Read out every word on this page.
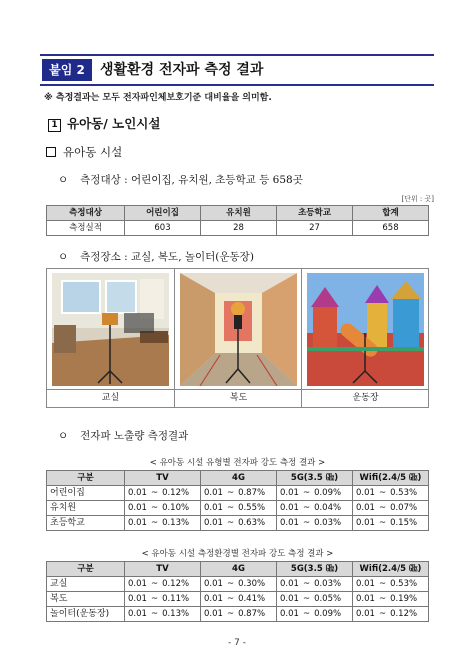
붙임 2	생활환경 전자파 측정 결과
※ 측정결과는 모두 전자파인체보호기준 대비율을 의미함.
1 유아동/ 노인시설
유아동 시설
ㅇ 측정대상 : 어린이집, 유치원, 초등학교 등 658곳
[단위 : 곳]
측정대상	어린이집	유치원	초등학교	합계
측정실적	603	28	27	658
ㅇ 측정장소 : 교실, 복도, 놀이터(운동장)
교실	복도	운동장
ㅇ 전자파 노출량 측정결과
< 유아동 시설 유형별 전자파 강도 측정 결과 >
구분	TV	4G	5G(3.5 ㎓)	Wifi(2.4/5 ㎓)
어린이집	0.01 ~ 0.12%	0.01 ~ 0.87%	0.01 ~ 0.09%	0.01 ~ 0.53%
유치원	0.01 ~ 0.10%	0.01 ~ 0.55%	0.01 ~ 0.04%	0.01 ~ 0.07%
초등학교	0.01 ~ 0.13%	0.01 ~ 0.63%	0.01 ~ 0.03%	0.01 ~ 0.15%
< 유아동 시설 측정환경별 전자파 강도 측정 결과 >
구분	TV	4G	5G(3.5 ㎓)	Wifi(2.4/5 ㎓)
교실	0.01 ~ 0.12%	0.01 ~ 0.30%	0.01 ~ 0.03%	0.01 ~ 0.53%
복도	0.01 ~ 0.11%	0.01 ~ 0.41%	0.01 ~ 0.05%	0.01 ~ 0.19%
놀이터(운동장)	0.01 ~ 0.13%	0.01 ~ 0.87%	0.01 ~ 0.09%	0.01 ~ 0.12%
- 7 -
